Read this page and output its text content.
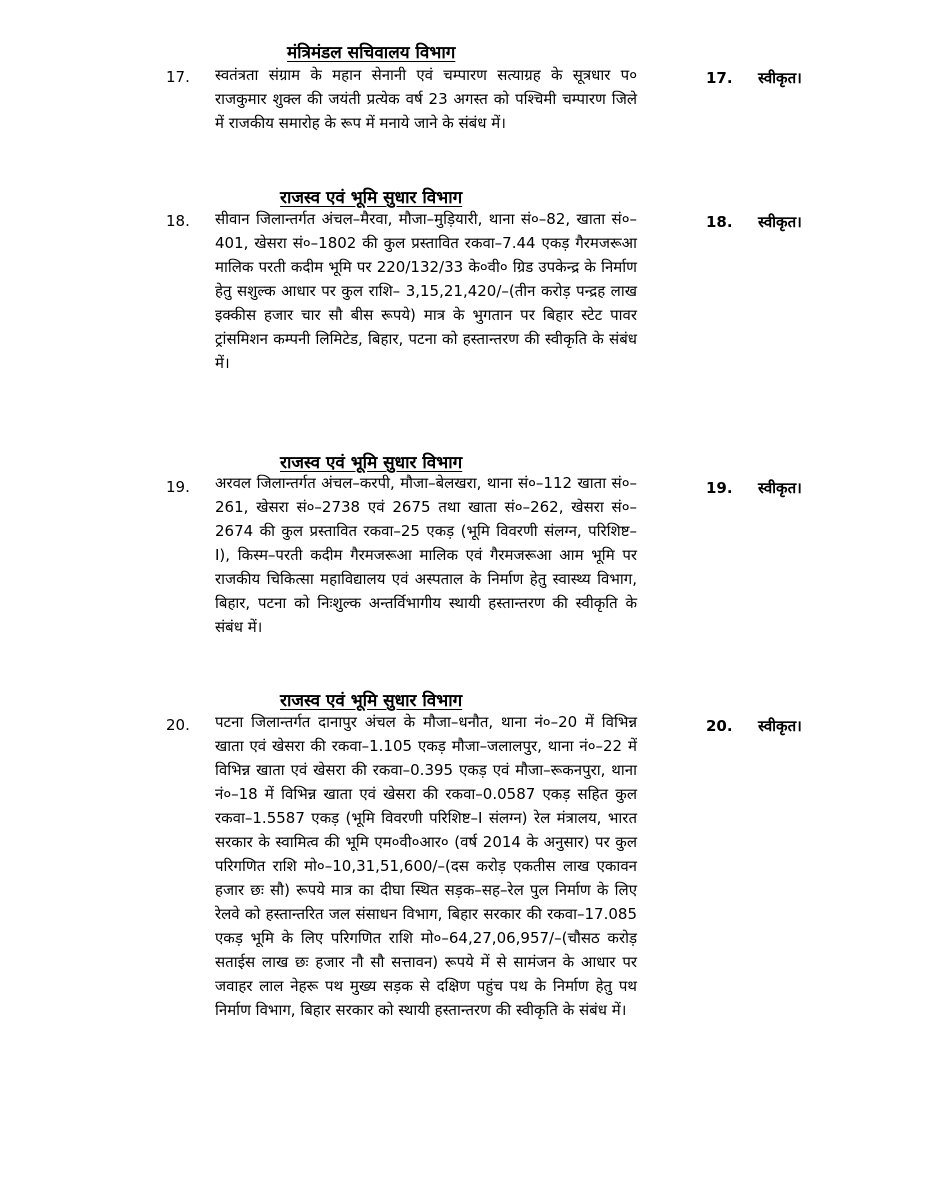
मंत्रिमंडल सचिवालय विभाग
17. स्वतंत्रता संग्राम के महान सेनानी एवं चम्पारण सत्याग्रह के सूत्रधार प० राजकुमार शुक्ल की जयंती प्रत्येक वर्ष 23 अगस्त को पश्चिमी चम्पारण जिले में राजकीय समारोह के रूप में मनाये जाने के संबंध में।

17. स्वीकृत।
राजस्व एवं भूमि सुधार विभाग
18. सीवान जिलान्तर्गत अंचल–मैरवा, मौजा–मुड़ियारी, थाना सं०–82, खाता सं०–401, खेसरा सं०–1802 की कुल प्रस्तावित रकवा–7.44 एकड़ गैरमजरूआ मालिक परती कदीम भूमि पर 220/132/33 के०वी० ग्रिड उपकेन्द्र के निर्माण हेतु सशुल्क आधार पर कुल राशि– 3,15,21,420/–(तीन करोड़ पन्द्रह लाख इक्कीस हजार चार सौ बीस रूपये) मात्र के भुगतान पर बिहार स्टेट पावर ट्रांसमिशन कम्पनी लिमिटेड, बिहार, पटना को हस्तान्तरण की स्वीकृति के संबंध में।

18. स्वीकृत।
राजस्व एवं भूमि सुधार विभाग
19. अरवल जिलान्तर्गत अंचल–करपी, मौजा–बेलखरा, थाना सं०–112 खाता सं०–261, खेसरा सं०–2738 एवं 2675 तथा खाता सं०–262, खेसरा सं०–2674 की कुल प्रस्तावित रकवा–25 एकड़ (भूमि विवरणी संलग्न, परिशिष्ट–I), किस्म–परती कदीम गैरमजरूआ मालिक एवं गैरमजरूआ आम भूमि पर राजकीय चिकित्सा महाविद्यालय एवं अस्पताल के निर्माण हेतु स्वास्थ्य विभाग, बिहार, पटना को निःशुल्क अन्तर्विभागीय स्थायी हस्तान्तरण की स्वीकृति के संबंध में।

19. स्वीकृत।
राजस्व एवं भूमि सुधार विभाग
20. पटना जिलान्तर्गत दानापुर अंचल के मौजा–धनौत, थाना नं०–20 में विभिन्न खाता एवं खेसरा की रकवा–1.105 एकड़ मौजा–जलालपुर, थाना नं०–22 में विभिन्न खाता एवं खेसरा की रकवा–0.395 एकड़ एवं मौजा–रूकनपुरा, थाना नं०–18 में विभिन्न खाता एवं खेसरा की रकवा–0.0587 एकड़ सहित कुल रकवा–1.5587 एकड़ (भूमि विवरणी परिशिष्ट–I संलग्न) रेल मंत्रालय, भारत सरकार के स्वामित्व की भूमि एम०वी०आर० (वर्ष 2014 के अनुसार) पर कुल परिगणित राशि मो०–10,31,51,600/–(दस करोड़ एकतीस लाख एकावन हजार छः सौ) रूपये मात्र का दीघा स्थित सड़क–सह–रेल पुल निर्माण के लिए रेलवे को हस्तान्तरित जल संसाधन विभाग, बिहार सरकार की रकवा–17.085 एकड़ भूमि के लिए परिगणित राशि मो०–64,27,06,957/–(चौसठ करोड़ सताईस लाख छः हजार नौ सौ सत्तावन) रूपये में से सामंजन के आधार पर जवाहर लाल नेहरू पथ मुख्य सड़क से दक्षिण पहुंच पथ के निर्माण हेतु पथ निर्माण विभाग, बिहार सरकार को स्थायी हस्तान्तरण की स्वीकृति के संबंध में।

20. स्वीकृत।
